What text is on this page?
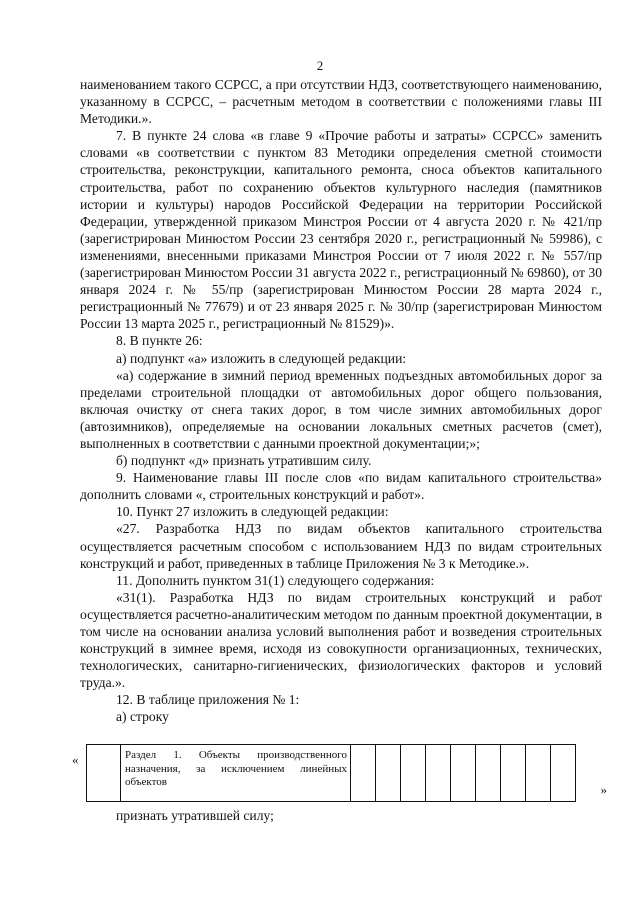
2

наименованием такого ССРСС, а при отсутствии НДЗ, соответствующего наименованию, указанному в ССРСС, – расчетным методом в соответствии с положениями главы III Методики.».

7. В пункте 24 слова «в главе 9 «Прочие работы и затраты» ССРСС» заменить словами «в соответствии с пунктом 83 Методики определения сметной стоимости строительства, реконструкции, капитального ремонта, сноса объектов капитального строительства, работ по сохранению объектов культурного наследия (памятников истории и культуры) народов Российской Федерации на территории Российской Федерации, утвержденной приказом Минстроя России от 4 августа 2020 г. № 421/пр (зарегистрирован Минюстом России 23 сентября 2020 г., регистрационный № 59986), с изменениями, внесенными приказами Минстроя России от 7 июля 2022 г. № 557/пр (зарегистрирован Минюстом России 31 августа 2022 г., регистрационный № 69860), от 30 января 2024 г. № 55/пр (зарегистрирован Минюстом России 28 марта 2024 г., регистрационный № 77679) и от 23 января 2025 г. № 30/пр (зарегистрирован Минюстом России 13 марта 2025 г., регистрационный № 81529)».

8. В пункте 26:

а) подпункт «а» изложить в следующей редакции:

«а) содержание в зимний период временных подъездных автомобильных дорог за пределами строительной площадки от автомобильных дорог общего пользования, включая очистку от снега таких дорог, в том числе зимних автомобильных дорог (автозимников), определяемые на основании локальных сметных расчетов (смет), выполненных в соответствии с данными проектной документации;»;

б) подпункт «д» признать утратившим силу.

9. Наименование главы III после слов «по видам капитального строительства» дополнить словами «, строительных конструкций и работ».

10. Пункт 27 изложить в следующей редакции:

«27. Разработка НДЗ по видам объектов капитального строительства осуществляется расчетным способом с использованием НДЗ по видам строительных конструкций и работ, приведенных в таблице Приложения № 3 к Методике.».

11. Дополнить пунктом 31(1) следующего содержания:

«31(1). Разработка НДЗ по видам строительных конструкций и работ осуществляется расчетно-аналитическим методом по данным проектной документации, в том числе на основании анализа условий выполнения работ и возведения строительных конструкций в зимнее время, исходя из совокупности организационных, технических, технологических, санитарно-гигиенических, физиологических факторов и условий труда.».

12. В таблице приложения № 1:

а) строку

«
		Раздел 1. Объекты производственного назначения, за исключением линейных объектов										»
признать утратившей силу;
